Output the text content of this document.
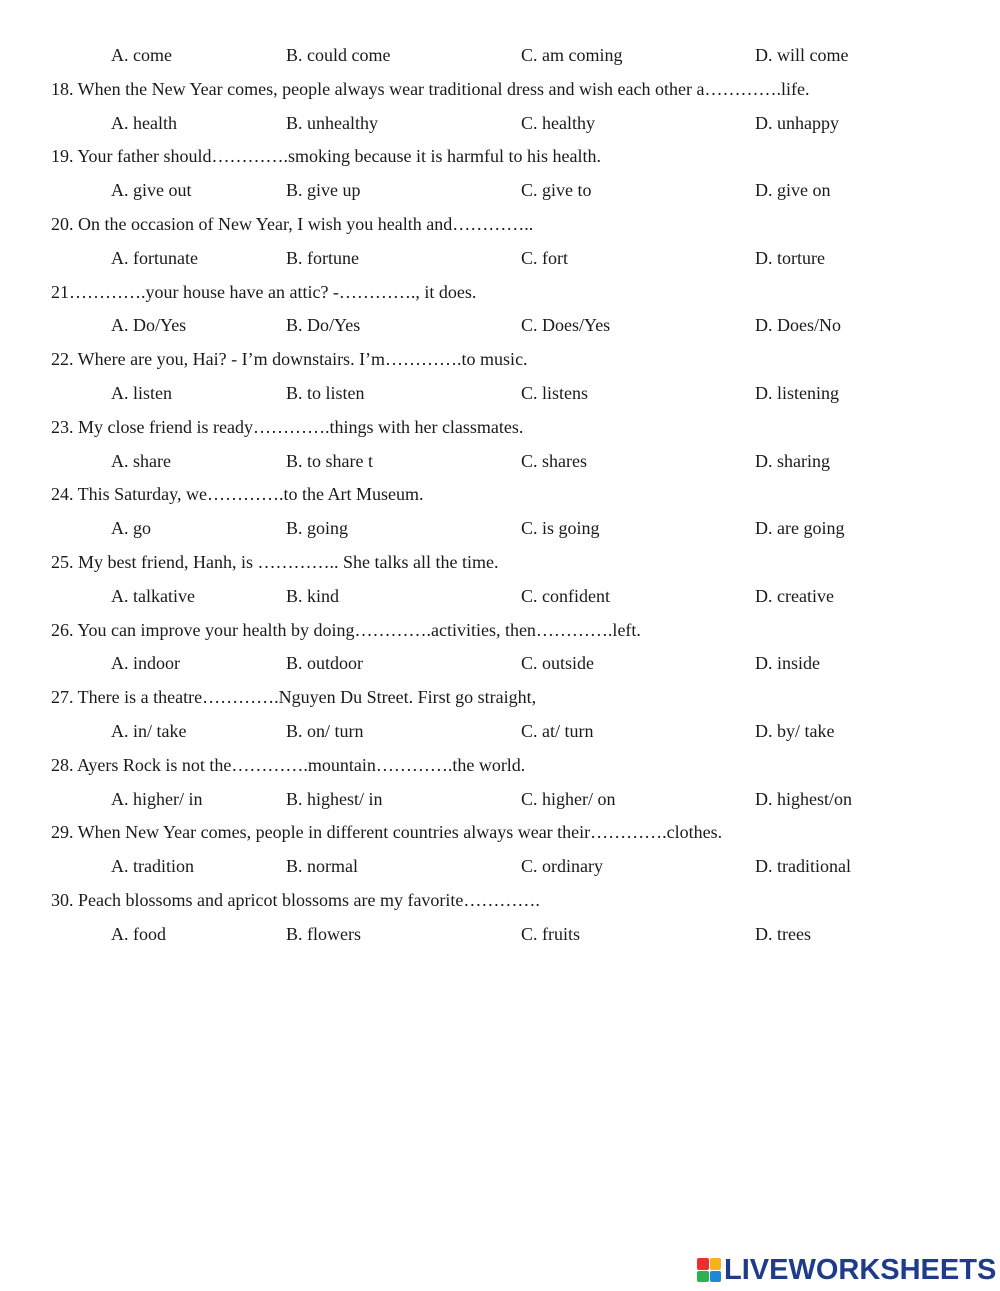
A. come	B. could come	C. am coming	D. will come
18. When the New Year comes, people always wear traditional dress and wish each other a………….life.
A. health	B. unhealthy	C. healthy	D. unhappy
19. Your father should………….smoking because it is harmful to his health.
A. give out	B. give up	C. give to	D. give on
20. On the occasion of New Year, I wish you health and…………..
A. fortunate	B. fortune	C. fort	D. torture
21………….your house have an attic? -…………., it does.
A. Do/Yes	B. Do/Yes	C. Does/Yes	D. Does/No
22. Where are you, Hai? - I’m downstairs. I’m………….to music.
A. listen	B. to listen	C. listens	D. listening
23. My close friend is ready………….things with her classmates.
A. share	B. to share t	C. shares	D. sharing
24. This Saturday, we………….to the Art Museum.
A. go	B. going	C. is going	D. are going
25. My best friend, Hanh, is ………….. She talks all the time.
A. talkative	B. kind	C. confident	D. creative
26. You can improve your health by doing………….activities, then………….left.
A. indoor	B. outdoor	C. outside	D. inside
27. There is a theatre………….Nguyen Du Street. First go straight,
A. in/ take	B. on/ turn	C. at/ turn	D. by/ take
28. Ayers Rock is not the………….mountain………….the world.
A. higher/ in	B. highest/ in	C. higher/ on	D. highest/on
29. When New Year comes, people in different countries always wear their………….clothes.
A. tradition	B. normal	C. ordinary	D. traditional
30. Peach blossoms and apricot blossoms are my favorite………….
A. food	B. flowers	C. fruits	D. trees
LIVEWORKSHEETS
